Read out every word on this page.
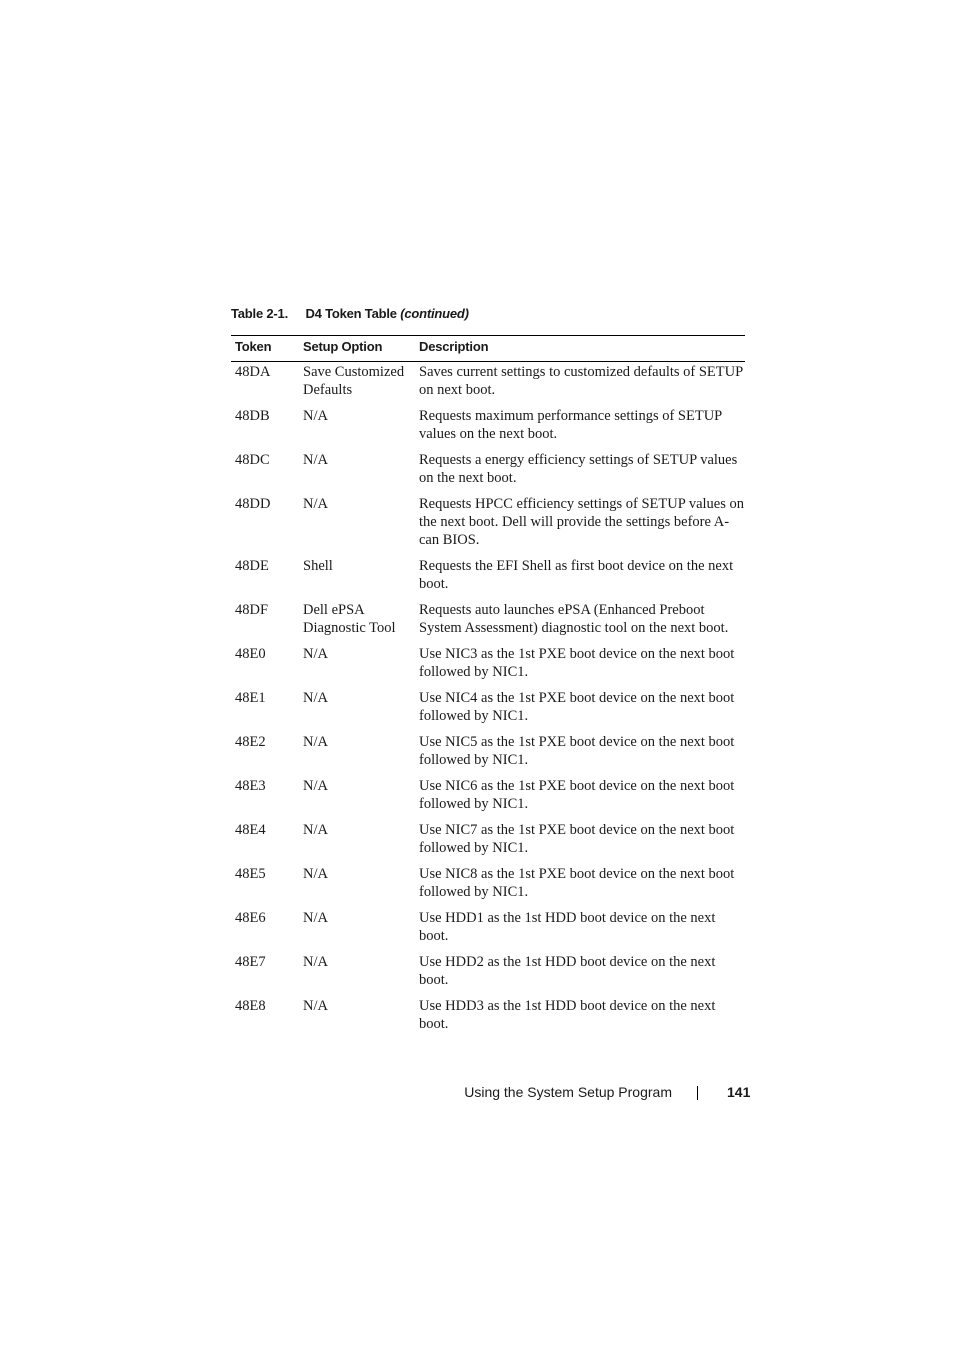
Table 2-1. D4 Token Table (continued)
Token	Setup Option	Description
48DA	Save Customized Defaults	Saves current settings to customized defaults of SETUP on next boot.
48DB	N/A	Requests maximum performance settings of SETUP values on the next boot.
48DC	N/A	Requests a energy efficiency settings of SETUP values on the next boot.
48DD	N/A	Requests HPCC efficiency settings of SETUP values on the next boot. Dell will provide the settings before A-can BIOS.
48DE	Shell	Requests the EFI Shell as first boot device on the next boot.
48DF	Dell ePSA Diagnostic Tool	Requests auto launches ePSA (Enhanced Preboot System Assessment) diagnostic tool on the next boot.
48E0	N/A	Use NIC3 as the 1st PXE boot device on the next boot followed by NIC1.
48E1	N/A	Use NIC4 as the 1st PXE boot device on the next boot followed by NIC1.
48E2	N/A	Use NIC5 as the 1st PXE boot device on the next boot followed by NIC1.
48E3	N/A	Use NIC6 as the 1st PXE boot device on the next boot followed by NIC1.
48E4	N/A	Use NIC7 as the 1st PXE boot device on the next boot followed by NIC1.
48E5	N/A	Use NIC8 as the 1st PXE boot device on the next boot followed by NIC1.
48E6	N/A	Use HDD1 as the 1st HDD boot device on the next boot.
48E7	N/A	Use HDD2 as the 1st HDD boot device on the next boot.
48E8	N/A	Use HDD3 as the 1st HDD boot device on the next boot.
Using the System Setup Program	141
